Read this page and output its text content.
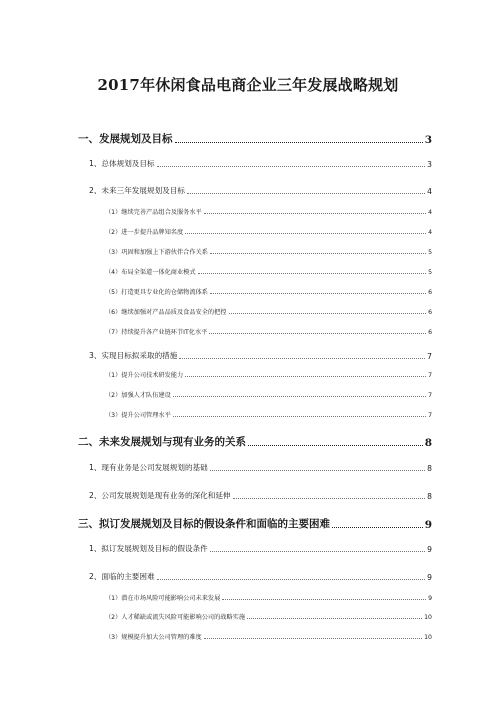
2017年休闲食品电商企业三年发展战略规划
一、发展规划及目标	3
1、总体规划及目标	3
2、未来三年发展规划及目标	4
（1）继续完善产品组合及服务水平	4
（2）进一步提升品牌知名度	4
（3）巩固和加强上下游伙伴合作关系	5
（4）布局全渠道一体化商业模式	5
（5）打造更具专业化的仓储物流体系	6
（6）继续加强对产品品质及食品安全的把控	6
（7）持续提升各产业链环节IT化水平	6
3、实现目标拟采取的措施	7
（1）提升公司技术研发能力	7
（2）加强人才队伍建设	7
（3）提升公司管理水平	7
二、未来发展规划与现有业务的关系	8
1、现有业务是公司发展规划的基础	8
2、公司发展规划是现有业务的深化和延伸	8
三、拟订发展规划及目标的假设条件和面临的主要困难	9
1、拟订发展规划及目标的假设条件	9
2、面临的主要困难	9
（1）潜在市场风险可能影响公司未来发展	9
（2）人才稀缺或流失风险可能影响公司的战略实施	10
（3）规模提升加大公司管理的难度	10
